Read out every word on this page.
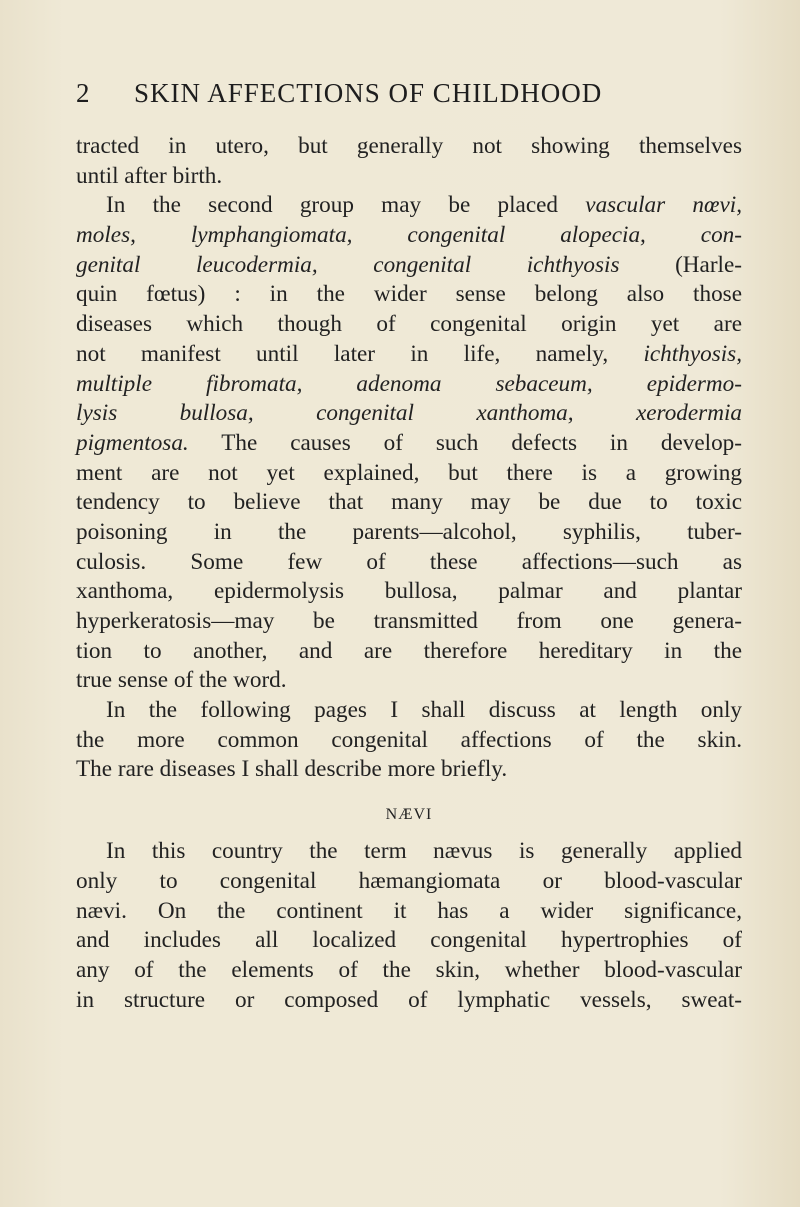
2 SKIN AFFECTIONS OF CHILDHOOD
tracted in utero, but generally not showing themselves
until after birth.
In the second group may be placed vascular nœvi,
moles, lymphangiomata, congenital alopecia, con-
genital leucodermia, congenital ichthyosis (Harle-
quin fœtus) : in the wider sense belong also those
diseases which though of congenital origin yet are
not manifest until later in life, namely, ichthyosis,
multiple fibromata, adenoma sebaceum, epidermo-
lysis bullosa, congenital xanthoma, xerodermia
pigmentosa. The causes of such defects in develop-
ment are not yet explained, but there is a growing
tendency to believe that many may be due to toxic
poisoning in the parents—alcohol, syphilis, tuber-
culosis. Some few of these affections—such as
xanthoma, epidermolysis bullosa, palmar and plantar
hyperkeratosis—may be transmitted from one genera-
tion to another, and are therefore hereditary in the
true sense of the word.
In the following pages I shall discuss at length only
the more common congenital affections of the skin.
The rare diseases I shall describe more briefly.
NÆVI
In this country the term nævus is generally applied
only to congenital hæmangiomata or blood-vascular
nævi. On the continent it has a wider significance,
and includes all localized congenital hypertrophies of
any of the elements of the skin, whether blood-vascular
in structure or composed of lymphatic vessels, sweat-
